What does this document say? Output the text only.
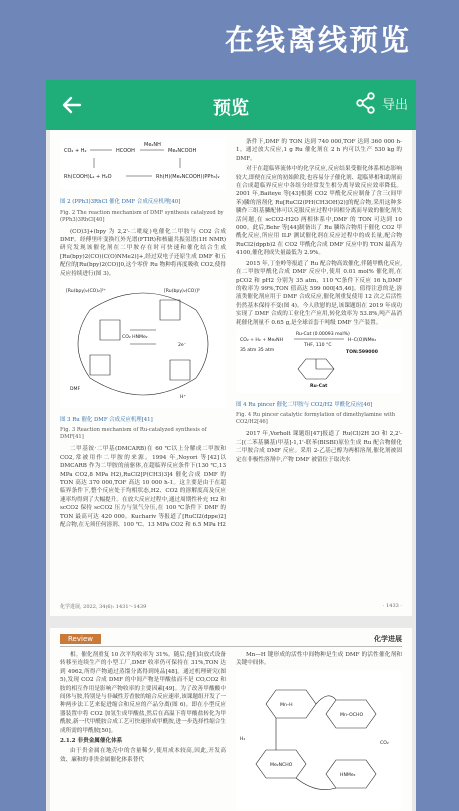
在线离线预览
预览	导出
CO₂ + H₂	HCOOH
Me₂NH
Me₂NCOOH
Rh(COOH)L₂ + H₂O	Rh(H)(Me₂NCOOH)(PPh₃)₂
图 2 (PPh3)3RhCl 催化 DMF 合成反应机理[40]
Fig. 2 The reaction mechanism of DMF synthesis catalyzed by (PPh3)3RhCl[40]

(CO)3]+(bpy 为 2,2'-二吡啶)电催化二甲胺与 CO2 合成 DMF。经傅里叶变换红外光谱(FTIR)和核磁共振氢谱(1H NMR)研究发现该催化剂在二甲胺存在时可快速和催化结合生成[Ru(bpy)2(CO)(C(O)NMe2)]+,经过双电子还原生成 DMF 和五配位的[Ru(bpy)2(CO)]0,这个零价 Ru 物种将再度吸收 CO2,使得反应持续进行(图 3)。

[Ru(bpy)₂(CO)₂]²⁺	[Ru(bpy)₂(CO)]⁰
CO₂ HNMe₂
2e⁻
DMF
H⁺
图 3 Ru 催化 DMF 合成反应机理[41]
Fig. 3 Reaction mechanism of Ru-catalyzed synthesis of DMF[41]

二甲基铵·二甲基(DMCARB)在 60 ℃以上分解成二甲胺和 CO2,常被用作二甲胺的来源。1994 年,Noyori 等[42]以 DMCARB 作为二甲胺的前驱体,在超临界反应条件下(130 ℃,13 MPa CO2,8 MPa H2),RuCl2[P(CH3)3]4 催化合成 DMF 的 TON 高达 370 000,TOF 高达 10 000 h-1。这主要是由于在超临界条件下,整个反应处于均相状态,H2、CO2 的溶解度高及反应速率均得到了大幅提升。在放大反应过程中,通过周期性补充 H2 和 scCO2 保持 scCO2 压力与氢气分压,在 100 ℃条件下 DMF 的 TON 最高可达 420 000。Kuchariv 等报道了[RuCl2(dppe)2]配合物,在无须任何溶剂、100 ℃、13 MPa CO2 和 6.5 MPa H2

条件下,DMF 的 TON 达到 740 000,TOF 达到 360 000 h-1。通过放大反应,1 g Ru 催化剂在 2 h 内可以生产 530 kg 的 DMF。

对于在超临界流体中的化学反应,反应结果受催化体系相态影响较大,即便在反应的初始阶段,也容易分子催化剂、超临界相和助剂而在合成超临界反应中各组分经常发生相分离导致反应效率降低。2001 年,Baiteye 等[43]根据 CO2 甲酰化反应制备了含三(间甲苯)膦的溶剂化 Ru[RuCl2(PH(CH3OH)2)]的配合物,采用这种多膦作三组基膦配体可以克服反应过程中因相分离而导致的催化剂失活问题,在 scCO2-H2O 两相体系中,DMF 的 TON 可达到 10 000。此后,Behr 等[44]制备出了 Ru 膦络合物用于催化 CO2 甲酰化反应,所应用 ILP 测试催化剂在反应过程中的成长量,配合物 RuCl2(dppb)2 在 CO2 甲酰化合成 DMF 反应中的 TON 最高为 4100,催化剂成失量最低为 2.9%。

2015 年,丁奎岭等报道了 Ru 配合物高效催化,伴随甲酰化反应,在二甲胺甲酰化合成 DMF 反应中,使用 0.01 mol% 催化剂,在 pCO2 和 pH2 分别为 35 atm、110 ℃条件下反应 16 h,DMF 的收率为 99%,TON 值高达 599 000[45,46]。值得注意的是,溶液类催化剂应用于 DMF 合成反应,催化剂重复使用 12 次之后活性仍然基本保持不变(图 4)。今人欣慰的是,该课题组在 2019 年成功实现了 DMF 合成的工业化生产应用,转化效率为 53.8%,吨产品消耗催化剂量不 0.65 g,是全球首套千吨级 DMF 生产装置。

CO₂ + H₂ + Me₂NH
Ru-Cat (0.00093 mol%)
THF, 110 °C
35 atm 35 atm
H–C(O)NMe₂
TON:599000
Ru-Cat
图 4 Ru pincer 催化二甲胺与 CO2/H2 甲酰化反应[46]
Fig. 4 Ru pincer catalytic formylation of dimethylamine with CO2/H2[46]

2017 年,Vorholt 课题组[47]报道了 Ru(Cl)2H 2O 和 2,2'-二[(二苯基膦基)甲基]-1,1'-联苯(BISBI)原位生成 Ru 配合物催化二甲胺合成 DMF 反应。采用 2-乙基己醇为两相溶剂,催化剂被固定在非极性溶剂中,产物 DMF 被留位于取决水

化学进展, 2022, 34(6): 1431～1439	· 1433 ·
Review	化学进展

相。催化剂重复 10 次平均收率为 31%。随后,他们由放式设备转移至连续生产的小型工厂,DMF 收率仍可保持在 31%,TON 达到 4962,所得产物通过蒸馏分离得到纯品[48]。通过机理研究(图 5),发现 CO2 合成 DMF 的中间产物是甲酸盐而不是 CO,CO2 和胺的相互作用是影响产物收率的主要因素[49]。为了改善甲酸酸中间体与胺,特别是与非碱性芳香胺的缩合反应速率,该课题组开发了一种两步法工艺来促进缩合和反应的产品分离(图 6)。即在小型反应器装置中将 CO2 加氢生成甲酸盐,然后在高温下将甲酸盐转化为甲酰胺,新一代甲酰胺合成工艺可快速形成甲酰胺,进一步选择性缩合生成所需的甲酰胺[50]。

2.1.2 非贵金属催化体系

由于贵金属在地壳中的含量稀少,使用成本较高,因此,开发高效、廉和的非贵金属催化体系替代

Mn—H 键形成的活性中间物种是生成 DMF 的活性催化剂和关键中间体。

Mn–H
Mn–OCHO
Me₂NCHO
HNMe₂
H₂
CO₂
